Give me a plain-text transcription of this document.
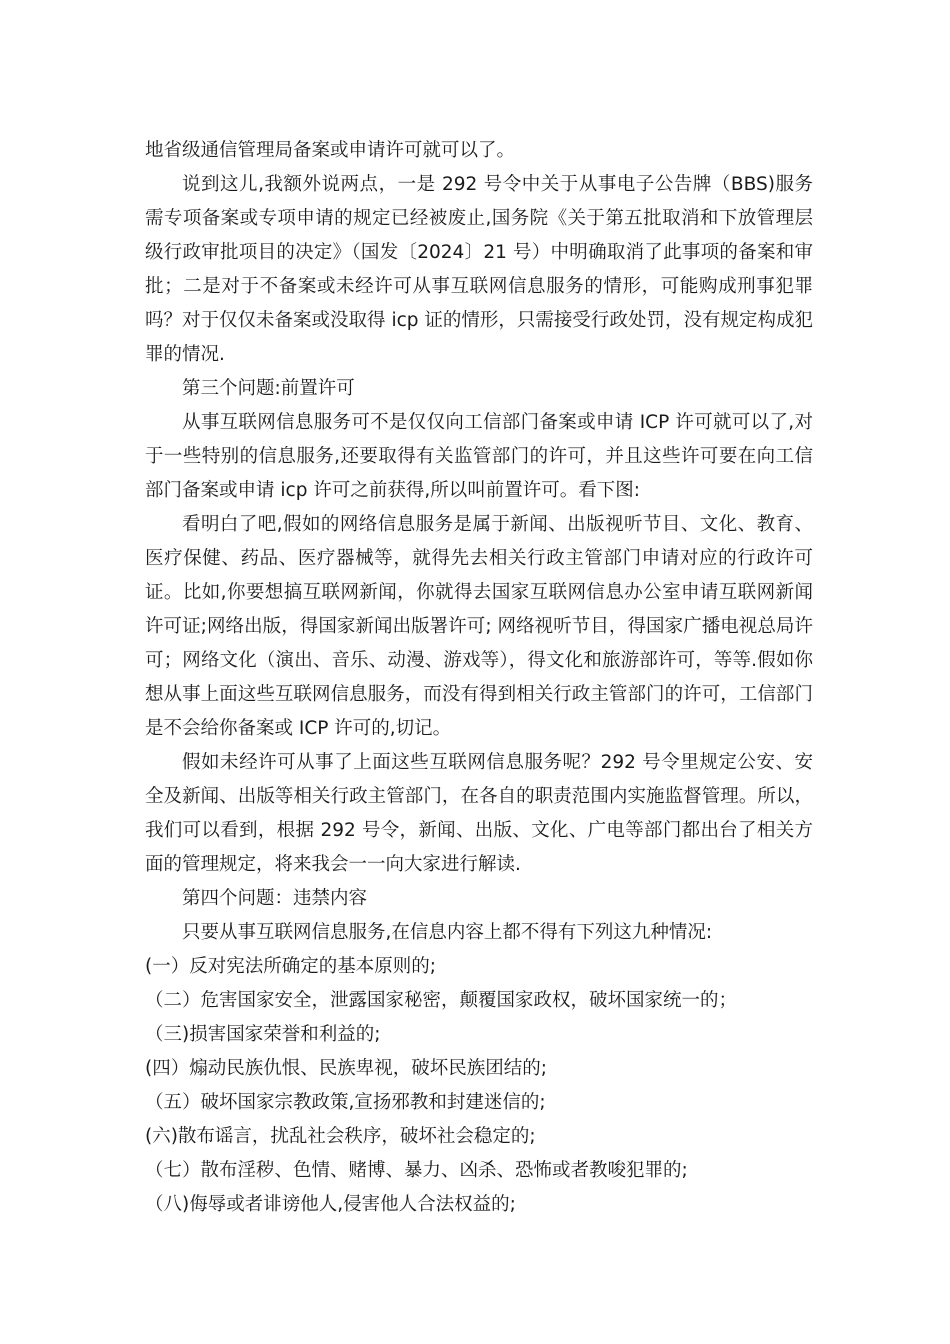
地省级通信管理局备案或申请许可就可以了。

说到这儿,我额外说两点，一是 292 号令中关于从事电子公告牌（BBS)服务需专项备案或专项申请的规定已经被废止,国务院《关于第五批取消和下放管理层级行政审批项目的决定》（国发〔2024〕21 号）中明确取消了此事项的备案和审批；二是对于不备案或未经许可从事互联网信息服务的情形，可能购成刑事犯罪吗？对于仅仅未备案或没取得 icp 证的情形，只需接受行政处罚，没有规定构成犯罪的情况.

第三个问题:前置许可

从事互联网信息服务可不是仅仅向工信部门备案或申请 ICP 许可就可以了,对于一些特别的信息服务,还要取得有关监管部门的许可，并且这些许可要在向工信部门备案或申请 icp 许可之前获得,所以叫前置许可。看下图:

看明白了吧,假如的网络信息服务是属于新闻、出版视听节目、文化、教育、医疗保健、药品、医疗器械等，就得先去相关行政主管部门申请对应的行政许可证。比如,你要想搞互联网新闻，你就得去国家互联网信息办公室申请互联网新闻许可证;网络出版，得国家新闻出版署许可; 网络视听节目，得国家广播电视总局许可；网络文化（演出、音乐、动漫、游戏等），得文化和旅游部许可，等等.假如你想从事上面这些互联网信息服务，而没有得到相关行政主管部门的许可，工信部门是不会给你备案或 ICP 许可的,切记。

假如未经许可从事了上面这些互联网信息服务呢？292 号令里规定公安、安全及新闻、出版等相关行政主管部门，在各自的职责范围内实施监督管理。所以，我们可以看到，根据 292 号令，新闻、出版、文化、广电等部门都出台了相关方面的管理规定，将来我会一一向大家进行解读.

第四个问题：违禁内容

只要从事互联网信息服务,在信息内容上都不得有下列这九种情况:

(一）反对宪法所确定的基本原则的;

（二）危害国家安全，泄露国家秘密，颠覆国家政权，破坏国家统一的；

（三)损害国家荣誉和利益的;

(四）煽动民族仇恨、民族卑视，破坏民族团结的;

（五）破坏国家宗教政策,宣扬邪教和封建迷信的;

(六)散布谣言，扰乱社会秩序，破坏社会稳定的;

（七）散布淫秽、色情、赌博、暴力、凶杀、恐怖或者教唆犯罪的;

（八)侮辱或者诽谤他人,侵害他人合法权益的;
